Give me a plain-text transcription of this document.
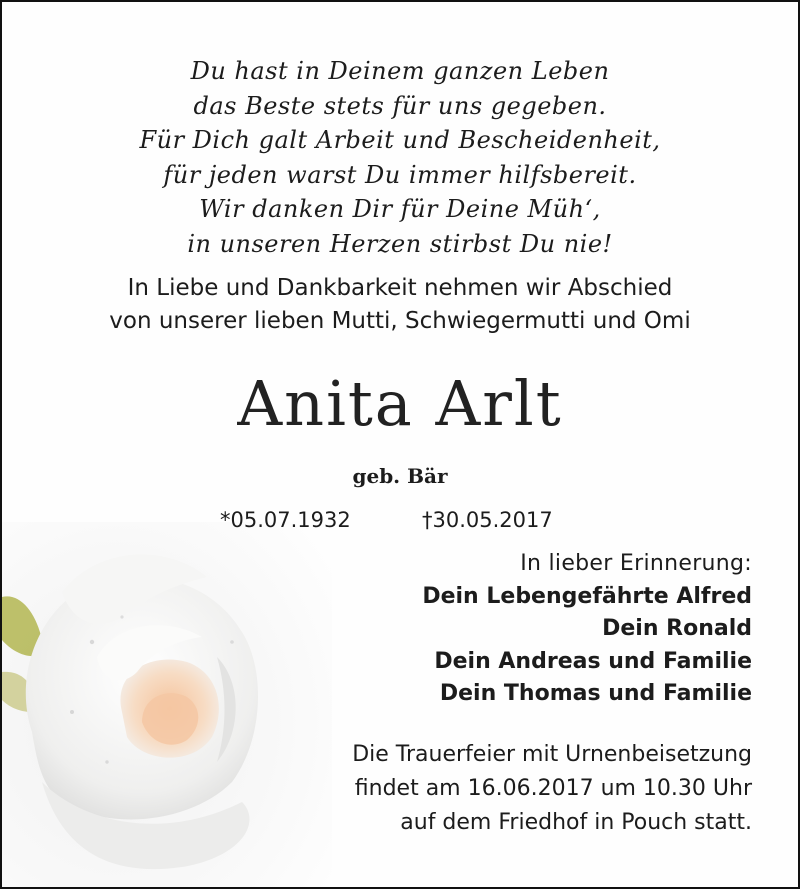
Du hast in Deinem ganzen Leben
das Beste stets für uns gegeben.
Für Dich galt Arbeit und Bescheidenheit,
für jeden warst Du immer hilfsbereit.
Wir danken Dir für Deine Müh‘,
in unseren Herzen stirbst Du nie!
In Liebe und Dankbarkeit nehmen wir Abschied
von unserer lieben Mutti, Schwiegermutti und Omi
Anita Arlt
geb. Bär
*05.07.1932	†30.05.2017
In lieber Erinnerung:
Dein Lebengefährte Alfred
Dein Ronald
Dein Andreas und Familie
Dein Thomas und Familie
Die Trauerfeier mit Urnenbeisetzung
findet am 16.06.2017 um 10.30 Uhr
auf dem Friedhof in Pouch statt.
